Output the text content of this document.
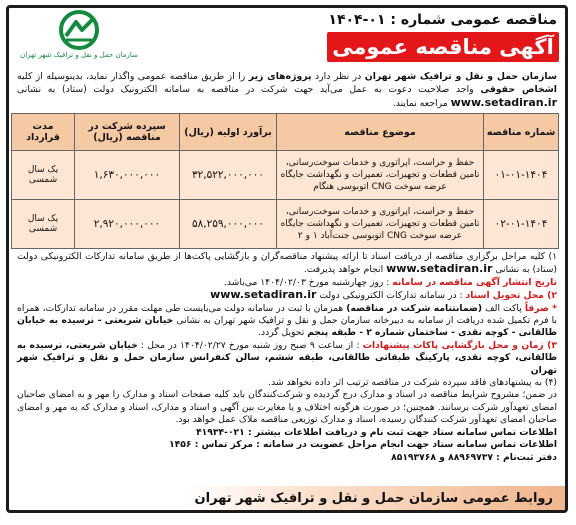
مناقصه عمومی شماره : ۰۱-۱۴۰۴
آگهی مناقصه عمومی
سازمان حمل و نقل و ترافیک شهر تهران
سازمان حمل و نقل و ترافیک شهر تهران در نظر دارد پروژه‌های زیر را از طریق مناقصه عمومی واگذار نماید، بدینوسیله از کلیه اشخاص حقوقی واجد صلاحیت دعوت به عمل می‌آید جهت شرکت در مناقصه به سامانه الکترونیک دولت (ستاد) به نشانی www.setadiran.ir مراجعه نمایند.
شماره مناقصه	موضوع مناقصه	برآورد اولیه (ریال)	سپرده شرکت در مناقصه (ریال)	مدت قرارداد
۰۱-۰۱-۱۴۰۴	حفظ و حراست، اپراتوری و خدمات سوخت‌رسانی، تامین قطعات و تجهیزات، تعمیرات و نگهداشت جایگاه عرضه سوخت CNG اتوبوسی هنگام	۳۲,۵۲۲,۰۰۰,۰۰۰	۱,۶۳۰,۰۰۰,۰۰۰	یک سال شمسی
۰۲-۰۱-۱۴۰۴	حفظ و حراست، اپراتوری و خدمات سوخت‌رسانی، تامین قطعات و تجهیزات، تعمیرات و نگهداشت جایگاه عرضه سوخت CNG اتوبوسی جنت‌آباد ۱ و ۲	۵۸,۲۵۹,۰۰۰,۰۰۰	۲,۹۲۰,۰۰۰,۰۰۰	یک سال شمسی

۱) کلیه مراحل برگزاری مناقصه از دریافت اسناد تا ارائه پیشنهاد مناقصه‌گران و بازگشایی پاکت‌ها از طریق سامانه تدارکات الکترونیکی دولت (ستاد) به نشانی www.setadiran.ir انجام خواهد پذیرفت.

تاریخ انتشار آگهی مناقصه در سامانه : روز چهارشنبه مورخ ۱۴۰۴/۰۲/۰۳ می‌باشد.

۲) محل تحویل اسناد : در سامانه تدارکات الکترونیکی دولت www.setadiran.ir

* صرفاً پاکت الف (ضمانتنامه شرکت در مناقصه) همزمان با ثبت در سامانه دولت می‌بایست طی مهلت مقرر در سامانه تدارکات، همراه با فرم تکمیل شده دریافت از سامانه به دبیرخانه سازمان حمل و نقل و ترافیک شهر تهران به نشانی خیابان شریعتی - نرسیده به خیابان طالقانی - کوچه نقدی - ساختمان شماره ۲ - طبقه پنجم تحویل گردد.

۳) زمان و محل بازگشایی پاکات پیشنهادات : از ساعت ۹ صبح روز شنبه مورخ ۱۴۰۴/۰۲/۲۷ در محل : خیابان شریعتی، نرسیده به طالقانی، کوچه نقدی، پارکینگ طبقاتی طالقانی، طبقه ششم، سالن کنفرانس سازمان حمل و نقل و ترافیک شهر تهران

(۴) به پیشنهادهای فاقد سپرده شرکت در مناقصه ترتیب اثر داده نخواهد شد.

در ضمن؛ مشروح شرایط مناقصه در اسناد و مدارک درج گردیده و شرکت‌کنندگان باید کلیه صفحات اسناد و مدارک را مهر و به امضای صاحبان امضای تعهدآور شرکت برسانند. همچنین؛ در صورت هرگونه اختلاف و یا مغایرت بین آگهی و اسناد و مدارک، اسناد و مدارک که به مهر و امضای صاحبان امضای تعهدآور شرکت کنندگان رسیده، اسناد و مدارک توزیعی مناقصه ملاک عمل خواهد بود.

اطلاعات تماس سامانه ستاد جهت ثبت نام و دریافت اطلاعات بیشتر : ۰۲۱-۴۱۹۳۴

اطلاعات تماس سامانه ستاد جهت انجام مراحل عضویت در سامانه : مرکز تماس : ۱۴۵۶

دفتر ثبت‌نام : ۸۸۹۶۹۷۳۷ و ۸۵۱۹۳۷۶۸

روابط عمومی سازمان حمل و نقل و ترافیک شهر تهران
